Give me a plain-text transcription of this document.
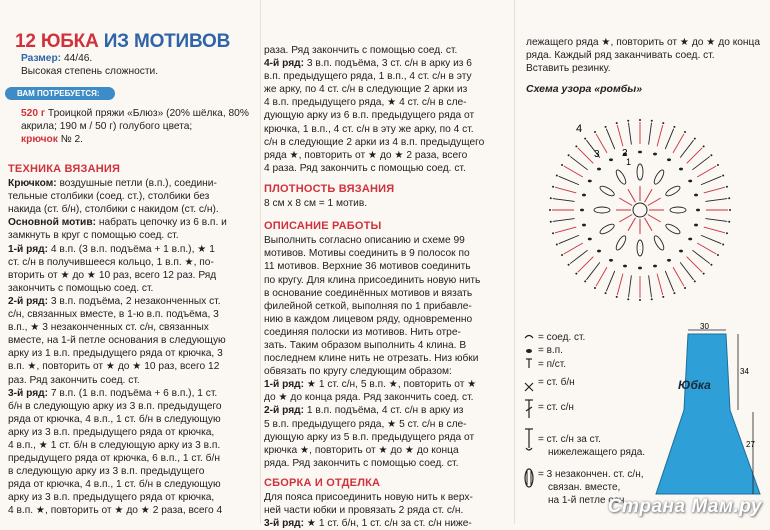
12 ЮБКА ИЗ МОТИВОВ
Размер: 44/46.
Высокая степень сложности.
ВАМ ПОТРЕБУЕТСЯ:
520 г Троицкой пряжи «Блюз» (20% шёлка, 80% акрила; 190 м / 50 г) голубого цвета;
крючок № 2.
ТЕХНИКА ВЯЗАНИЯ
Крючком: воздушные петли (в.п.), соедини-
тельные столбики (соед. ст.), столбики без
накида (ст. б/н), столбики с накидом (ст. с/н).
Основной мотив: набрать цепочку из 6 в.п. и
замкнуть в круг с помощью соед. ст.
1-й ряд: 4 в.п. (3 в.п. подъёма + 1 в.п.), ★ 1
ст. с/н в получившееся кольцо, 1 в.п. ★, по-
вторить от ★ до ★ 10 раз, всего 12 раз. Ряд
закончить с помощью соед. ст.
2-й ряд: 3 в.п. подъёма, 2 незаконченных ст.
с/н, связанных вместе, в 1-ю в.п. подъёма, 3
в.п., ★ 3 незаконченных ст. с/н, связанных
вместе, на 1-й петле основания в следующую
арку из 1 в.п. предыдущего ряда от крючка, 3
в.п. ★, повторить от ★ до ★ 10 раз, всего 12
раз. Ряд закончить соед. ст.
3-й ряд: 7 в.п. (1 в.п. подъёма + 6 в.п.), 1 ст.
б/н в следующую арку из 3 в.п. предыдущего
ряда от крючка, 4 в.п., 1 ст. б/н в следующую
арку из 3 в.п. предыдущего ряда от крючка,
4 в.п., ★ 1 ст. б/н в следующую арку из 3 в.п.
предыдущего ряда от крючка, 6 в.п., 1 ст. б/н
в следующую арку из 3 в.п. предыдущего
ряда от крючка, 4 в.п., 1 ст. б/н в следующую
арку из 3 в.п. предыдущего ряда от крючка,
4 в.п. ★, повторить от ★ до ★ 2 раза, всего 4
раза. Ряд закончить с помощью соед. ст.
4-й ряд: 3 в.п. подъёма, 3 ст. с/н в арку из 6
в.п. предыдущего ряда, 1 в.п., 4 ст. с/н в эту
же арку, по 4 ст. с/н в следующие 2 арки из
4 в.п. предыдущего ряда, ★ 4 ст. с/н в сле-
дующую арку из 6 в.п. предыдущего ряда от
крючка, 1 в.п., 4 ст. с/н в эту же арку, по 4 ст.
с/н в следующие 2 арки из 4 в.п. предыдущего
ряда ★, повторить от ★ до ★ 2 раза, всего
4 раза. Ряд закончить с помощью соед. ст.
ПЛОТНОСТЬ ВЯЗАНИЯ
8 см х 8 см = 1 мотив.
ОПИСАНИЕ РАБОТЫ
Выполнить согласно описанию и схеме 99
мотивов. Мотивы соединить в 9 полосок по
11 мотивов. Верхние 36 мотивов соединить
по кругу. Для клина присоединить новую нить
в основание соединённых мотивов и вязать
филейной сеткой, выполняя по 1 прибавле-
нию в каждом лицевом ряду, одновременно
соединяя полоски из мотивов. Нить отре-
зать. Таким образом выполнить 4 клина. В
последнем клине нить не отрезать. Низ юбки
обвязать по кругу следующим образом:
1-й ряд: ★ 1 ст. с/н, 5 в.п. ★, повторить от ★
до ★ до конца ряда. Ряд закончить соед. ст.
2-й ряд: 1 в.п. подъёма, 4 ст. с/н в арку из
5 в.п. предыдущего ряда, ★ 5 ст. с/н в сле-
дующую арку из 5 в.п. предыдущего ряда от
крючка ★, повторить от ★ до ★ до конца
ряда. Ряд закончить с помощью соед. ст.
СБОРКА И ОТДЕЛКА
Для пояса присоединить новую нить к верх-
ней части юбки и провязать 2 ряда ст. с/н.
3-й ряд: ★ 1 ст. б/н, 1 ст. с/н за ст. с/н ниже-
лежащего ряда ★, повторить от ★ до ★ до конца
ряда. Каждый ряд заканчивать соед. ст.
Вставить резинку.
Схема узора «ромбы»
4
3 2
1
= соед. ст.
= в.п.
= п/ст.
= ст. б/н
= ст. с/н
= ст. с/н за ст.
нижележащего ряда.
= 3 незакончен. ст. с/н,
связан. вместе,
на 1-й петле осн.
30
34
27
Юбка
Страна Мам.ру
